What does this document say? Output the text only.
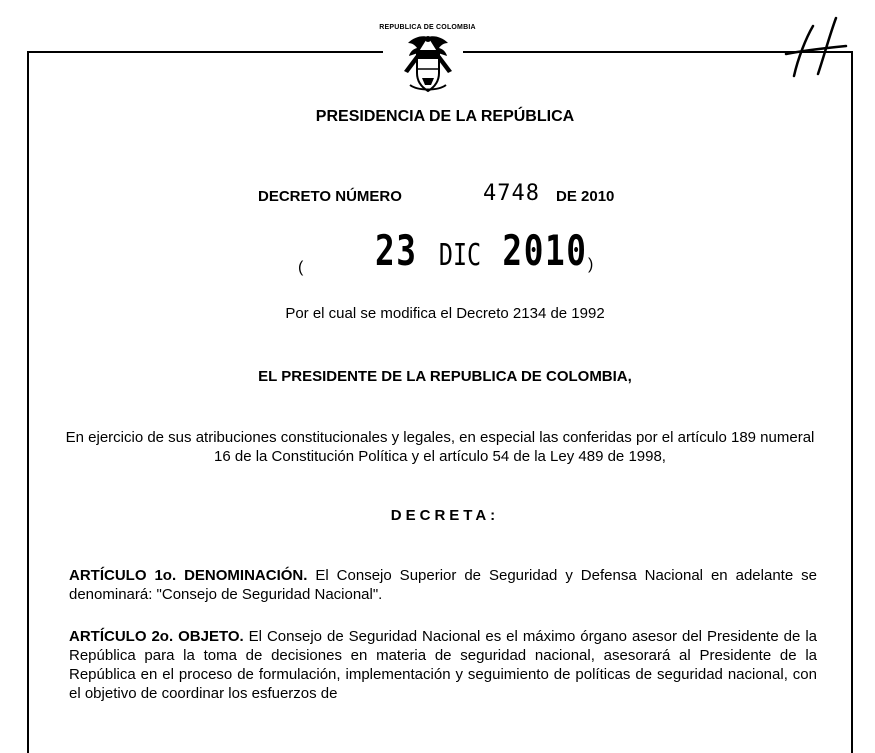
REPUBLICA DE COLOMBIA
PRESIDENCIA DE LA REPÚBLICA
DECRETO NÚMERO	4748 DE 2010
( 23 DIC 2010 )
Por el cual se modifica el Decreto 2134 de 1992
EL PRESIDENTE DE LA REPUBLICA DE COLOMBIA,
En ejercicio de sus atribuciones constitucionales y legales, en especial las conferidas por el artículo 189 numeral 16 de la Constitución Política y el artículo 54 de la Ley 489 de 1998,
DECRETA:
ARTÍCULO 1o. DENOMINACIÓN. El Consejo Superior de Seguridad y Defensa Nacional en adelante se denominará: "Consejo de Seguridad Nacional".
ARTÍCULO 2o. OBJETO. El Consejo de Seguridad Nacional es el máximo órgano asesor del Presidente de la República para la toma de decisiones en materia de seguridad nacional, asesorará al Presidente de la República en el proceso de formulación, implementación y seguimiento de políticas de seguridad nacional, con el objetivo de coordinar los esfuerzos de
